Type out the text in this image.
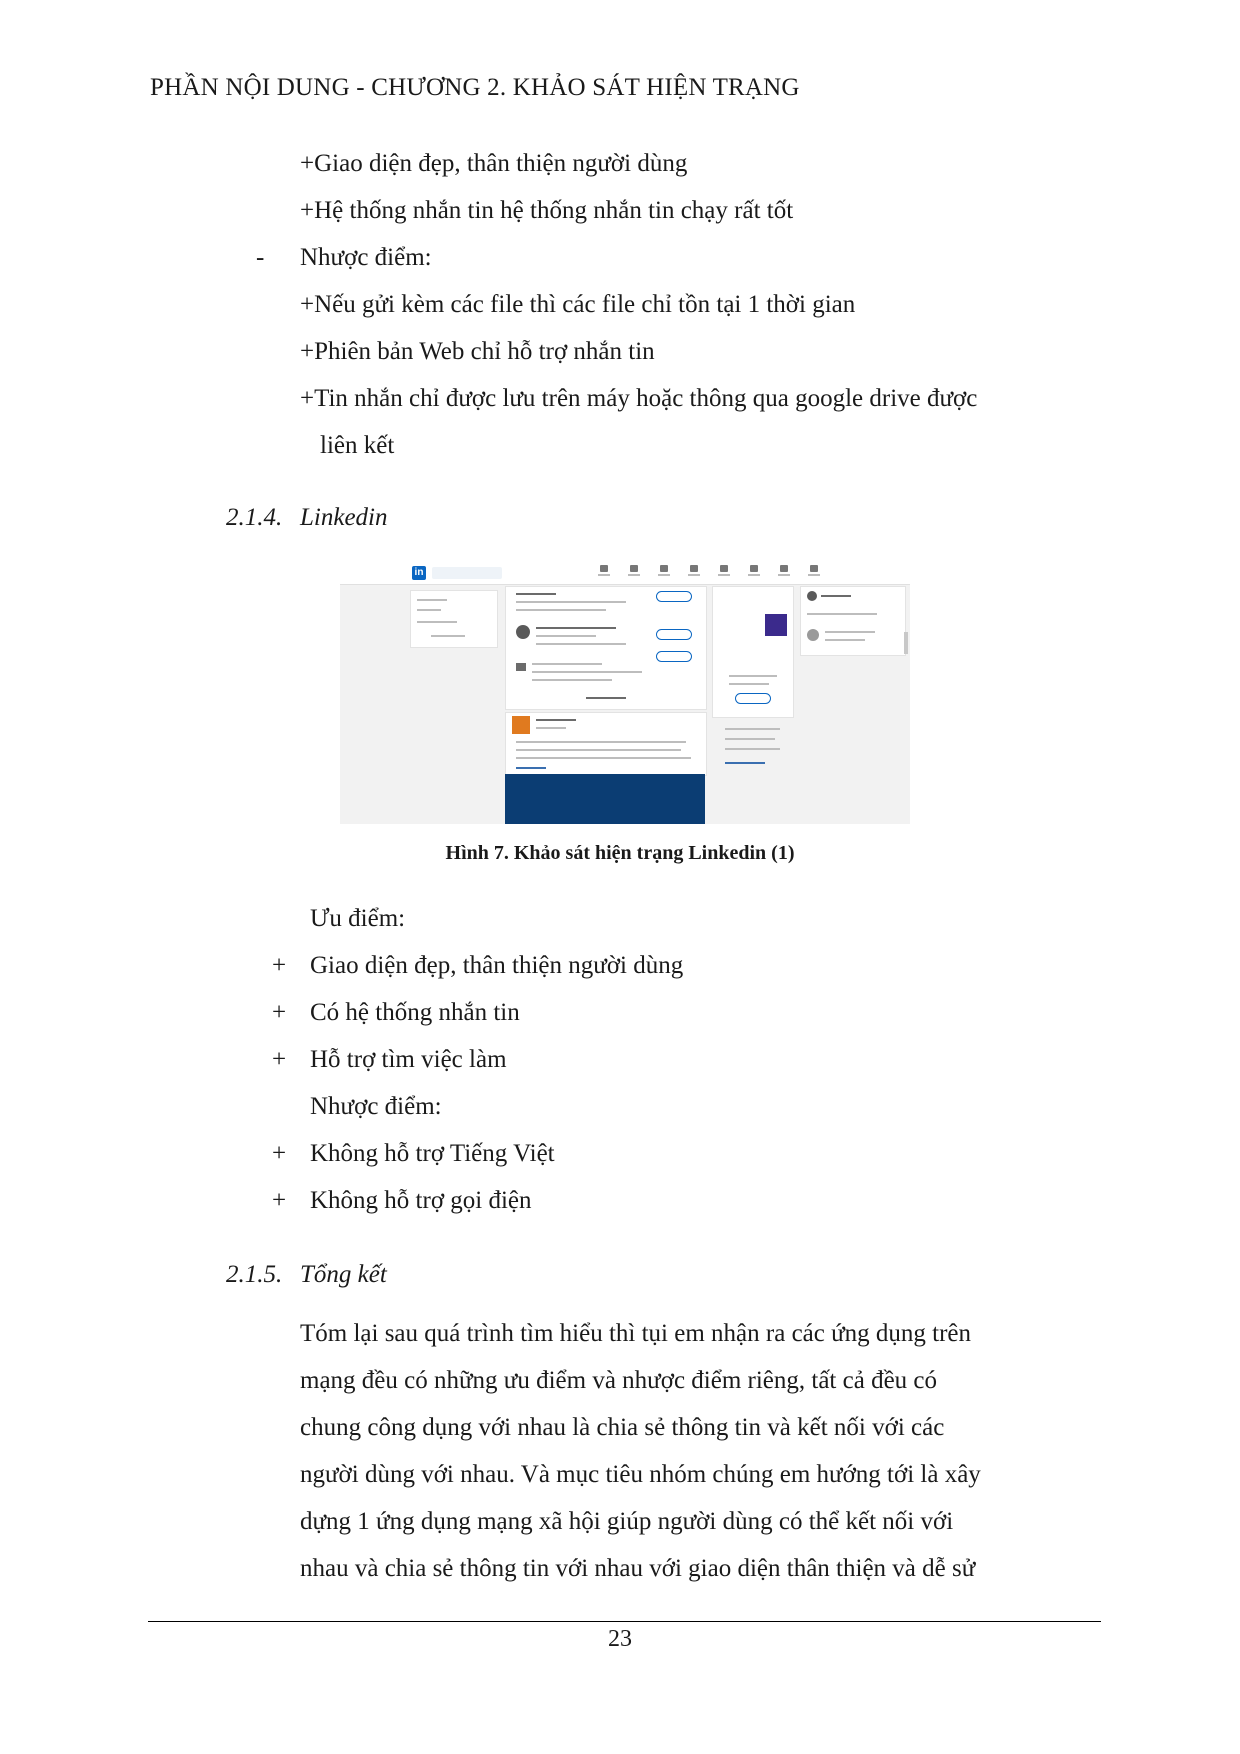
PHẦN NỘI DUNG - CHƯƠNG 2. KHẢO SÁT HIỆN TRẠNG
+Giao diện đẹp, thân thiện người dùng
+Hệ thống nhắn tin hệ thống nhắn tin chạy rất tốt
- Nhược điểm:
+Nếu gửi kèm các file thì các file chỉ tồn tại 1 thời gian
+Phiên bản Web chỉ hỗ trợ nhắn tin
+Tin nhắn chỉ được lưu trên máy hoặc thông qua google drive được
liên kết
2.1.4. Linkedin
in
Hình 7. Khảo sát hiện trạng Linkedin (1)
Ưu điểm:
+ Giao diện đẹp, thân thiện người dùng
+ Có hệ thống nhắn tin
+ Hỗ trợ tìm việc làm
Nhược điểm:
+ Không hỗ trợ Tiếng Việt
+ Không hỗ trợ gọi điện
2.1.5. Tổng kết
Tóm lại sau quá trình tìm hiểu thì tụi em nhận ra các ứng dụng trên
mạng đều có những ưu điểm và nhược điểm riêng, tất cả đều có
chung công dụng với nhau là chia sẻ thông tin và kết nối với các
người dùng với nhau. Và mục tiêu nhóm chúng em hướng tới là xây
dựng 1 ứng dụng mạng xã hội giúp người dùng có thể kết nối với
nhau và chia sẻ thông tin với nhau với giao diện thân thiện và dễ sử
23
